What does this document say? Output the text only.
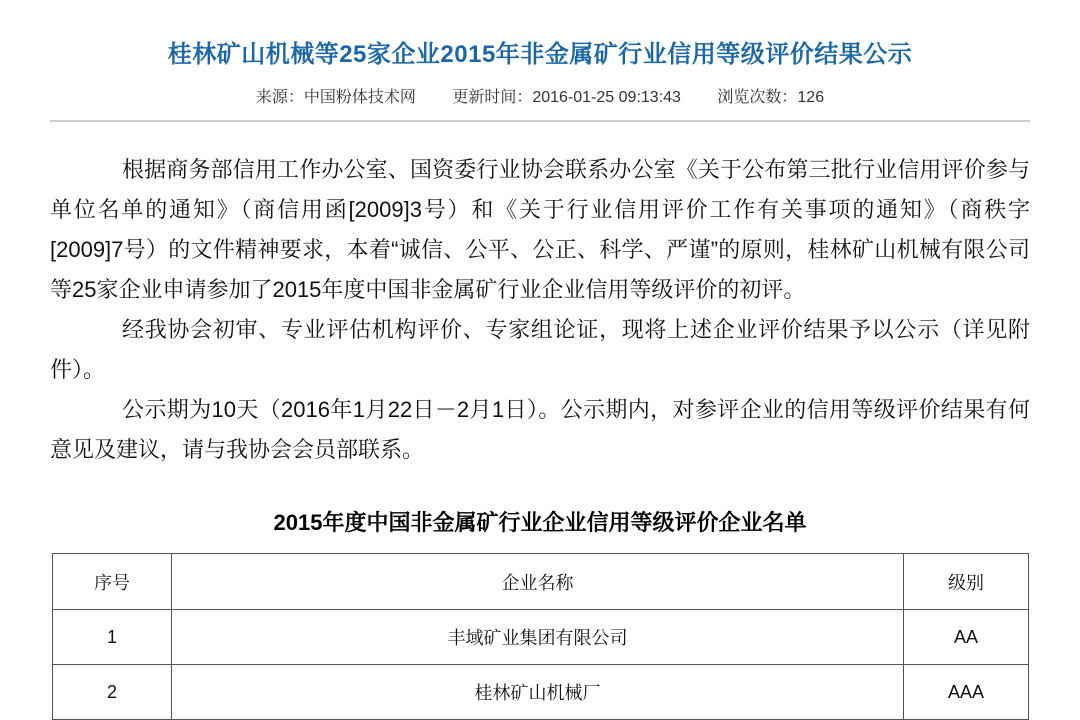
桂林矿山机械等25家企业2015年非金属矿行业信用等级评价结果公示
来源：中国粉体技术网 更新时间：2016-01-25 09:13:43 浏览次数：126

根据商务部信用工作办公室、国资委行业协会联系办公室《关于公布第三批行业信用评价参与单位名单的通知》（商信用函[2009]3号）和《关于行业信用评价工作有关事项的通知》（商秩字[2009]7号）的文件精神要求，本着“诚信、公平、公正、科学、严谨”的原则，桂林矿山机械有限公司等25家企业申请参加了2015年度中国非金属矿行业企业信用等级评价的初评。

经我协会初审、专业评估机构评价、专家组论证，现将上述企业评价结果予以公示（详见附件）。

公示期为10天（2016年1月22日－2月1日）。公示期内，对参评企业的信用等级评价结果有何意见及建议，请与我协会会员部联系。

2015年度中国非金属矿行业企业信用等级评价企业名单
序号	企业名称	级别
1	丰域矿业集团有限公司	AA
2	桂林矿山机械厂	AAA
